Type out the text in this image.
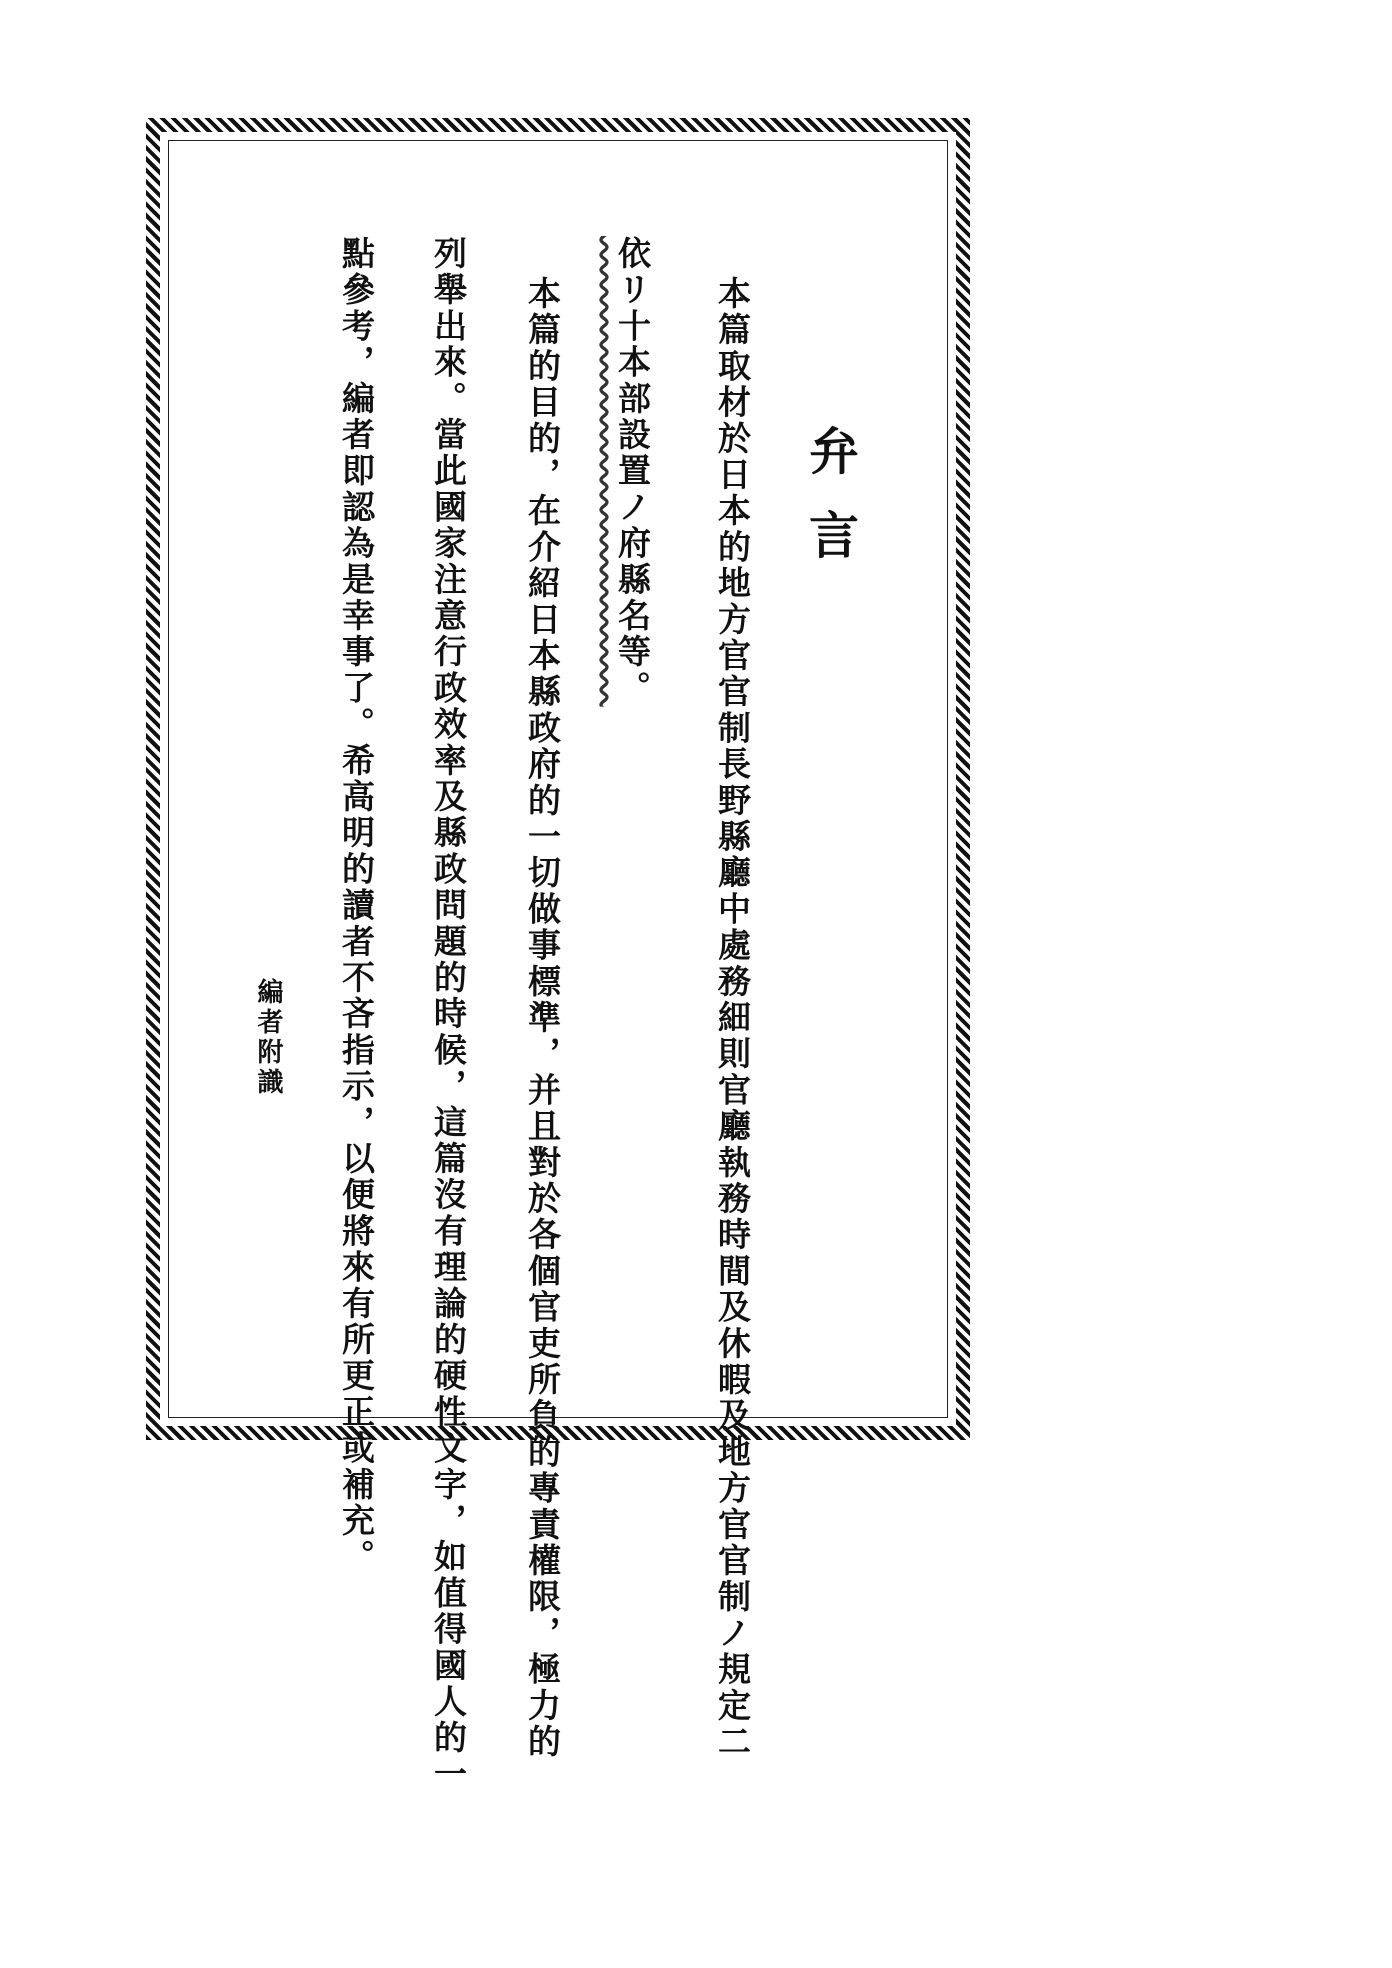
弁言
本篇取材於日本的地方官官制長野縣廳中處務細則官廳執務時間及休暇及地方官官制ノ規定二
依リ十本部設置ノ府縣名等。
本篇的目的，在介紹日本縣政府的一切做事標準，并且對於各個官吏所負的專責權限，極力的
列舉出來。當此國家注意行政效率及縣政問題的時候，這篇沒有理論的硬性文字，如值得國人的一
點參考，編者即認為是幸事了。希高明的讀者不吝指示，以便將來有所更正或補充。
編者附識
